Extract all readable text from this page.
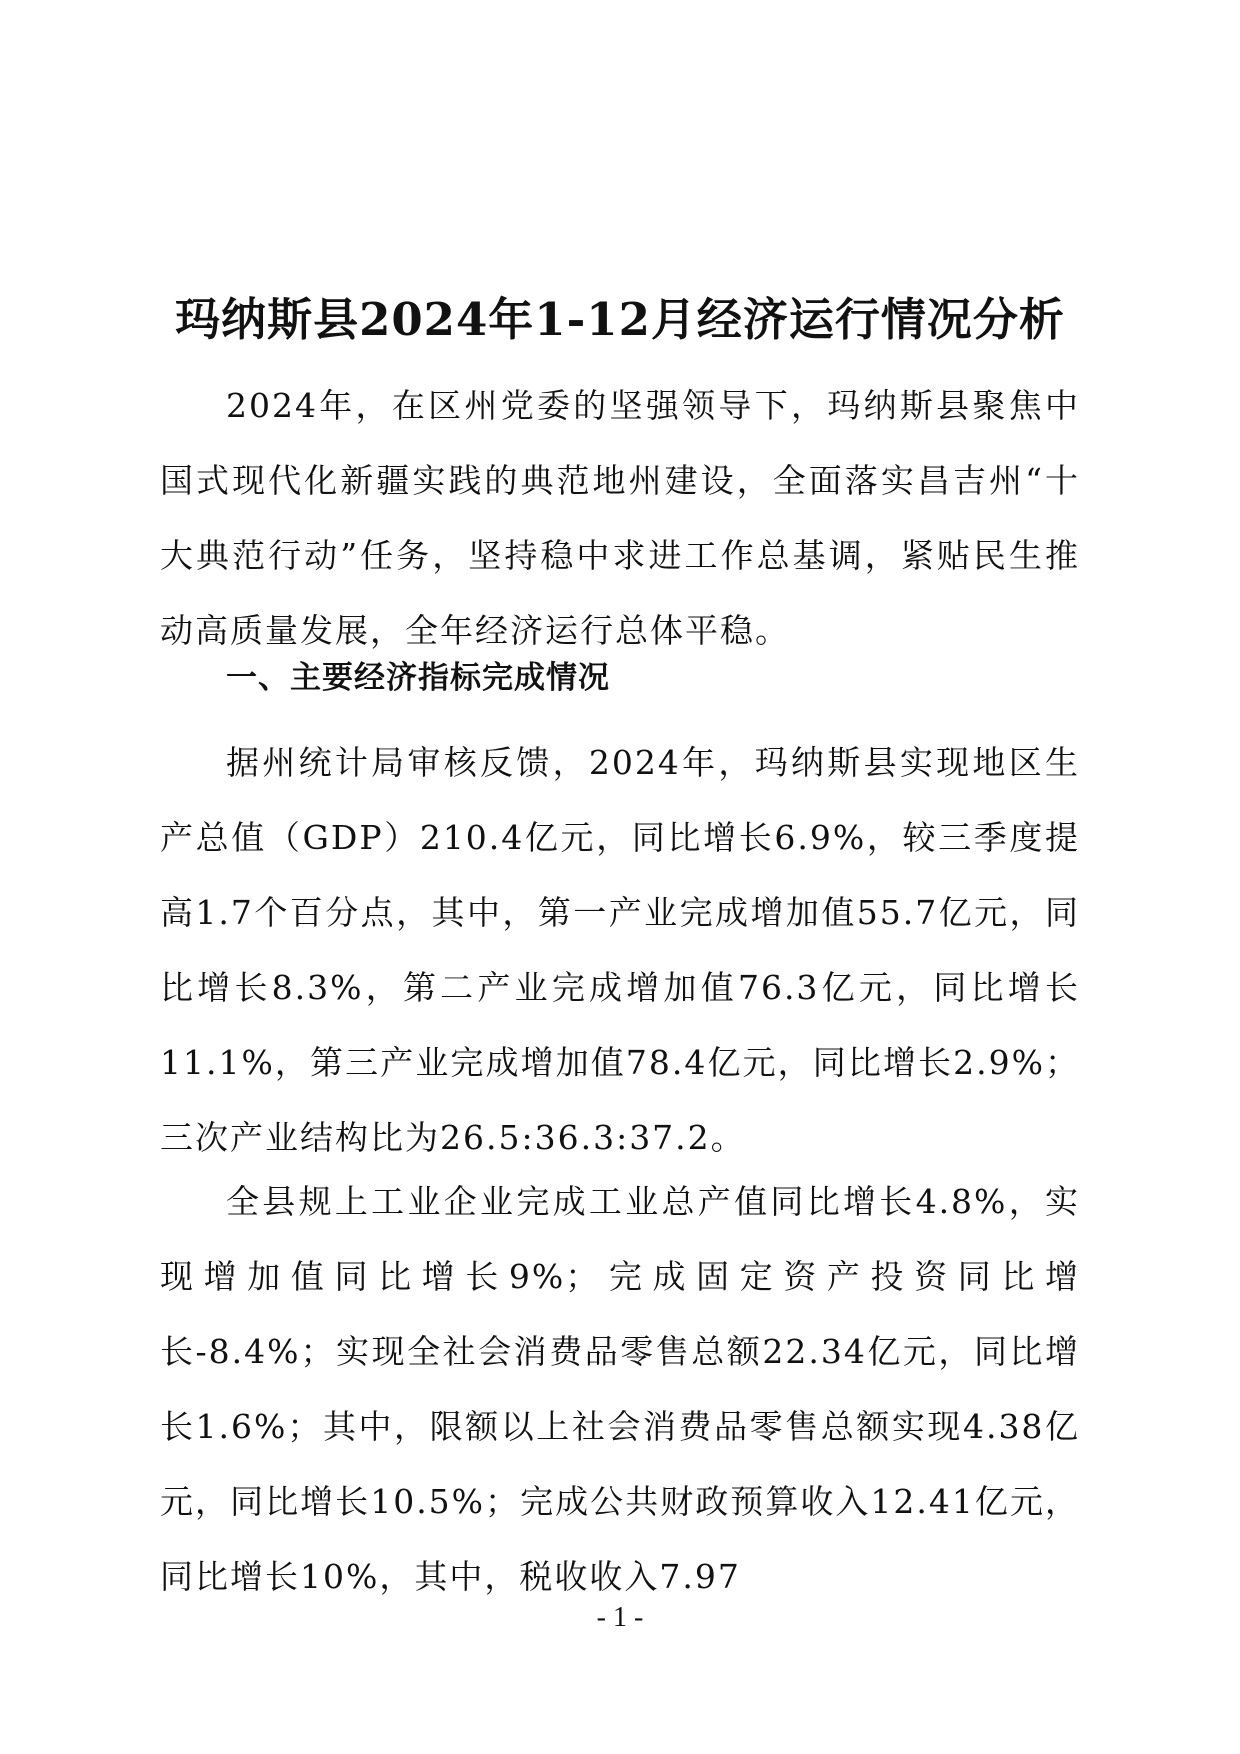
玛纳斯县2024年1-12月经济运行情况分析

2024年，在区州党委的坚强领导下，玛纳斯县聚焦中国式现代化新疆实践的典范地州建设，全面落实昌吉州“十大典范行动”任务，坚持稳中求进工作总基调，紧贴民生推动高质量发展，全年经济运行总体平稳。

一、主要经济指标完成情况

据州统计局审核反馈，2024年，玛纳斯县实现地区生产总值（GDP）210.4亿元，同比增长6.9%，较三季度提高1.7个百分点，其中，第一产业完成增加值55.7亿元，同比增长8.3%，第二产业完成增加值76.3亿元，同比增长11.1%，第三产业完成增加值78.4亿元，同比增长2.9%；三次产业结构比为26.5:36.3:37.2。

全县规上工业企业完成工业总产值同比增长4.8%，实现增加值同比增长9%；完成固定资产投资同比增长-8.4%；实现全社会消费品零售总额22.34亿元，同比增长1.6%；其中，限额以上社会消费品零售总额实现4.38亿元，同比增长10.5%；完成公共财政预算收入12.41亿元，同比增长10%，其中，税收收入7.97

- 1 -
